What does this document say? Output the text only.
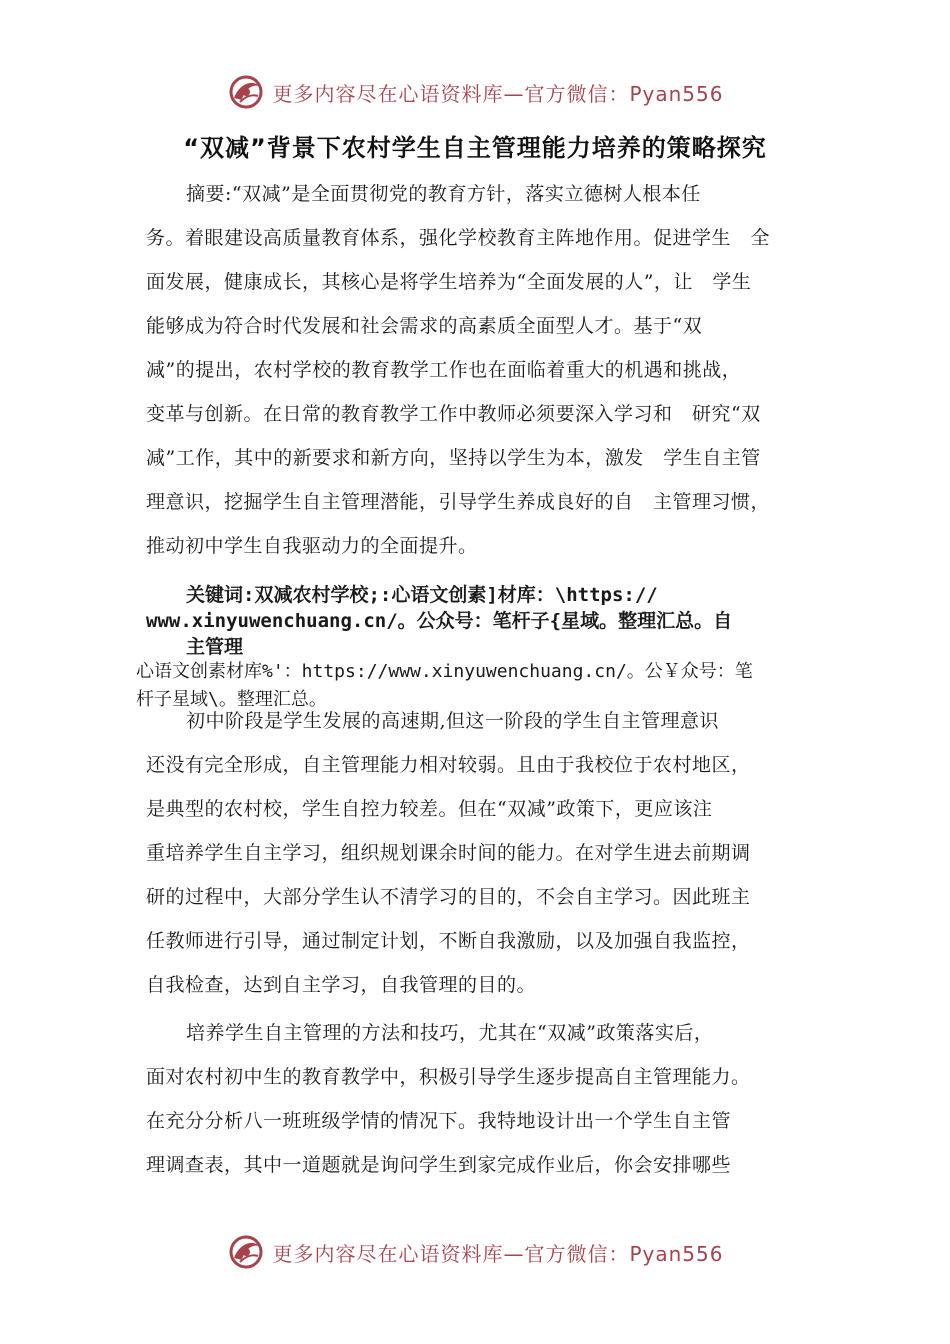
更多内容尽在心语资料库—官方微信：Pyan556
“双减”背景下农村学生自主管理能力培养的策略探究
摘要:“双减”是全面贯彻党的教育方针，落实立德树人根本任
务。着眼建设高质量教育体系，强化学校教育主阵地作用。促进学生　全
面发展，健康成长，其核心是将学生培养为“全面发展的人”，让　学生
能够成为符合时代发展和社会需求的高素质全面型人才。基于“双
减”的提出，农村学校的教育教学工作也在面临着重大的机遇和挑战，
变革与创新。在日常的教育教学工作中教师必须要深入学习和　研究“双
减”工作，其中的新要求和新方向，坚持以学生为本，激发　学生自主管
理意识，挖掘学生自主管理潜能，引导学生养成良好的自　主管理习惯，
推动初中学生自我驱动力的全面提升。
关键词:双减农村学校;:心语文创素]材库：\https://
www.xinyuwenchuang.cn/。公众号：笔杆子{星域。整理汇总。自
主管理
心语文创素材库%'：https://www.xinyuwenchuang.cn/。公￥众号：笔
杆子星域\。整理汇总。
初中阶段是学生发展的高速期,但这一阶段的学生自主管理意识
还没有完全形成，自主管理能力相对较弱。且由于我校位于农村地区，
是典型的农村校，学生自控力较差。但在“双减”政策下，更应该注
重培养学生自主学习，组织规划课余时间的能力。在对学生进去前期调
研的过程中，大部分学生认不清学习的目的，不会自主学习。因此班主
任教师进行引导，通过制定计划，不断自我激励，以及加强自我监控，
自我检查，达到自主学习，自我管理的目的。
培养学生自主管理的方法和技巧，尤其在“双减”政策落实后，
面对农村初中生的教育教学中，积极引导学生逐步提高自主管理能力。
在充分分析八一班班级学情的情况下。我特地设计出一个学生自主管
理调查表，其中一道题就是询问学生到家完成作业后，你会安排哪些
更多内容尽在心语资料库—官方微信：Pyan556
